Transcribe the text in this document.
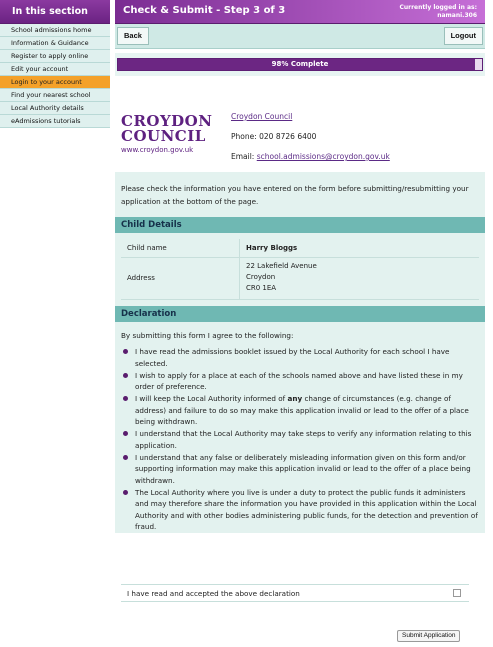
In this section
School admissions home
Information & Guidance
Register to apply online
Edit your account
Login to your account
Find your nearest school
Local Authority details
eAdmissions tutorials
Check & Submit - Step 3 of 3	Currently logged in as:
namani.306
Back	Logout
98% Complete
CROYDON
COUNCIL
www.croydon.gov.uk
Croydon Council
Phone: 020 8726 6400
Email: school.admissions@croydon.gov.uk
Please check the information you have entered on the form before submitting/resubmitting your application at the bottom of the page.
Child Details
Child name	Harry Bloggs
Address
22 Lakefield Avenue
Croydon
CR0 1EA
Declaration
By submitting this form I agree to the following:
I have read the admissions booklet issued by the Local Authority for each school I have selected.
I wish to apply for a place at each of the schools named above and have listed these in my order of preference.
I will keep the Local Authority informed of any change of circumstances (e.g. change of address) and failure to do so may make this application invalid or lead to the offer of a place being withdrawn.
I understand that the Local Authority may take steps to verify any information relating to this application.
I understand that any false or deliberately misleading information given on this form and/or supporting information may make this application invalid or lead to the offer of a place being withdrawn.
The Local Authority where you live is under a duty to protect the public funds it administers and may therefore share the information you have provided in this application within the Local Authority and with other bodies administering public funds, for the detection and prevention of fraud.
I have read and accepted the above declaration
Submit Application
